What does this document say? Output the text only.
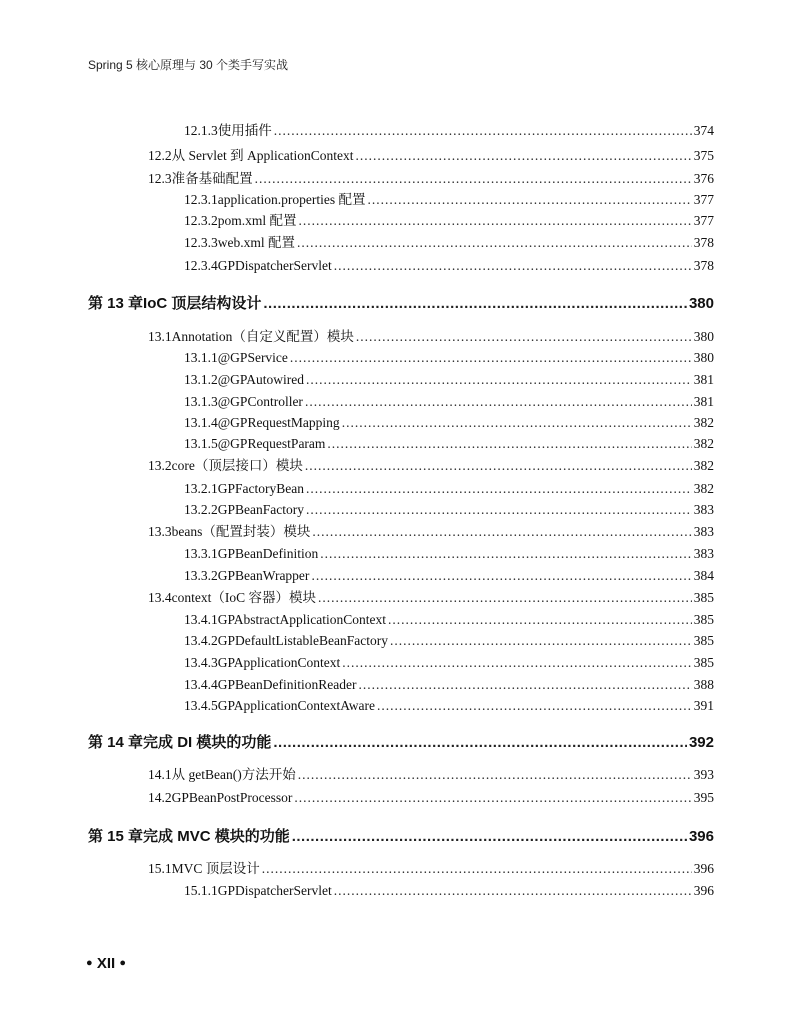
Spring 5 核心原理与 30 个类手写实战
12.1.3 使用插件 .....	374
12.2 从 Servlet 到 ApplicationContext .....	375
12.3 准备基础配置 .....	376
12.3.1 application.properties 配置 .....	377
12.3.2 pom.xml 配置 .....	377
12.3.3 web.xml 配置 .....	378
12.3.4 GPDispatcherServlet .....	378
第 13 章 IoC 顶层结构设计 .....	380
13.1 Annotation（自定义配置）模块 .....	380
13.1.1 @GPService .....	380
13.1.2 @GPAutowired .....	381
13.1.3 @GPController .....	381
13.1.4 @GPRequestMapping .....	382
13.1.5 @GPRequestParam .....	382
13.2 core（顶层接口）模块 .....	382
13.2.1 GPFactoryBean .....	382
13.2.2 GPBeanFactory .....	383
13.3 beans（配置封装）模块 .....	383
13.3.1 GPBeanDefinition .....	383
13.3.2 GPBeanWrapper .....	384
13.4 context（IoC 容器）模块 .....	385
13.4.1 GPAbstractApplicationContext .....	385
13.4.2 GPDefaultListableBeanFactory .....	385
13.4.3 GPApplicationContext .....	385
13.4.4 GPBeanDefinitionReader .....	388
13.4.5 GPApplicationContextAware .....	391
第 14 章 完成 DI 模块的功能 .....	392
14.1 从 getBean()方法开始 .....	393
14.2 GPBeanPostProcessor .....	395
第 15 章 完成 MVC 模块的功能 .....	396
15.1 MVC 顶层设计 .....	396
15.1.1 GPDispatcherServlet .....	396
● XII ●
